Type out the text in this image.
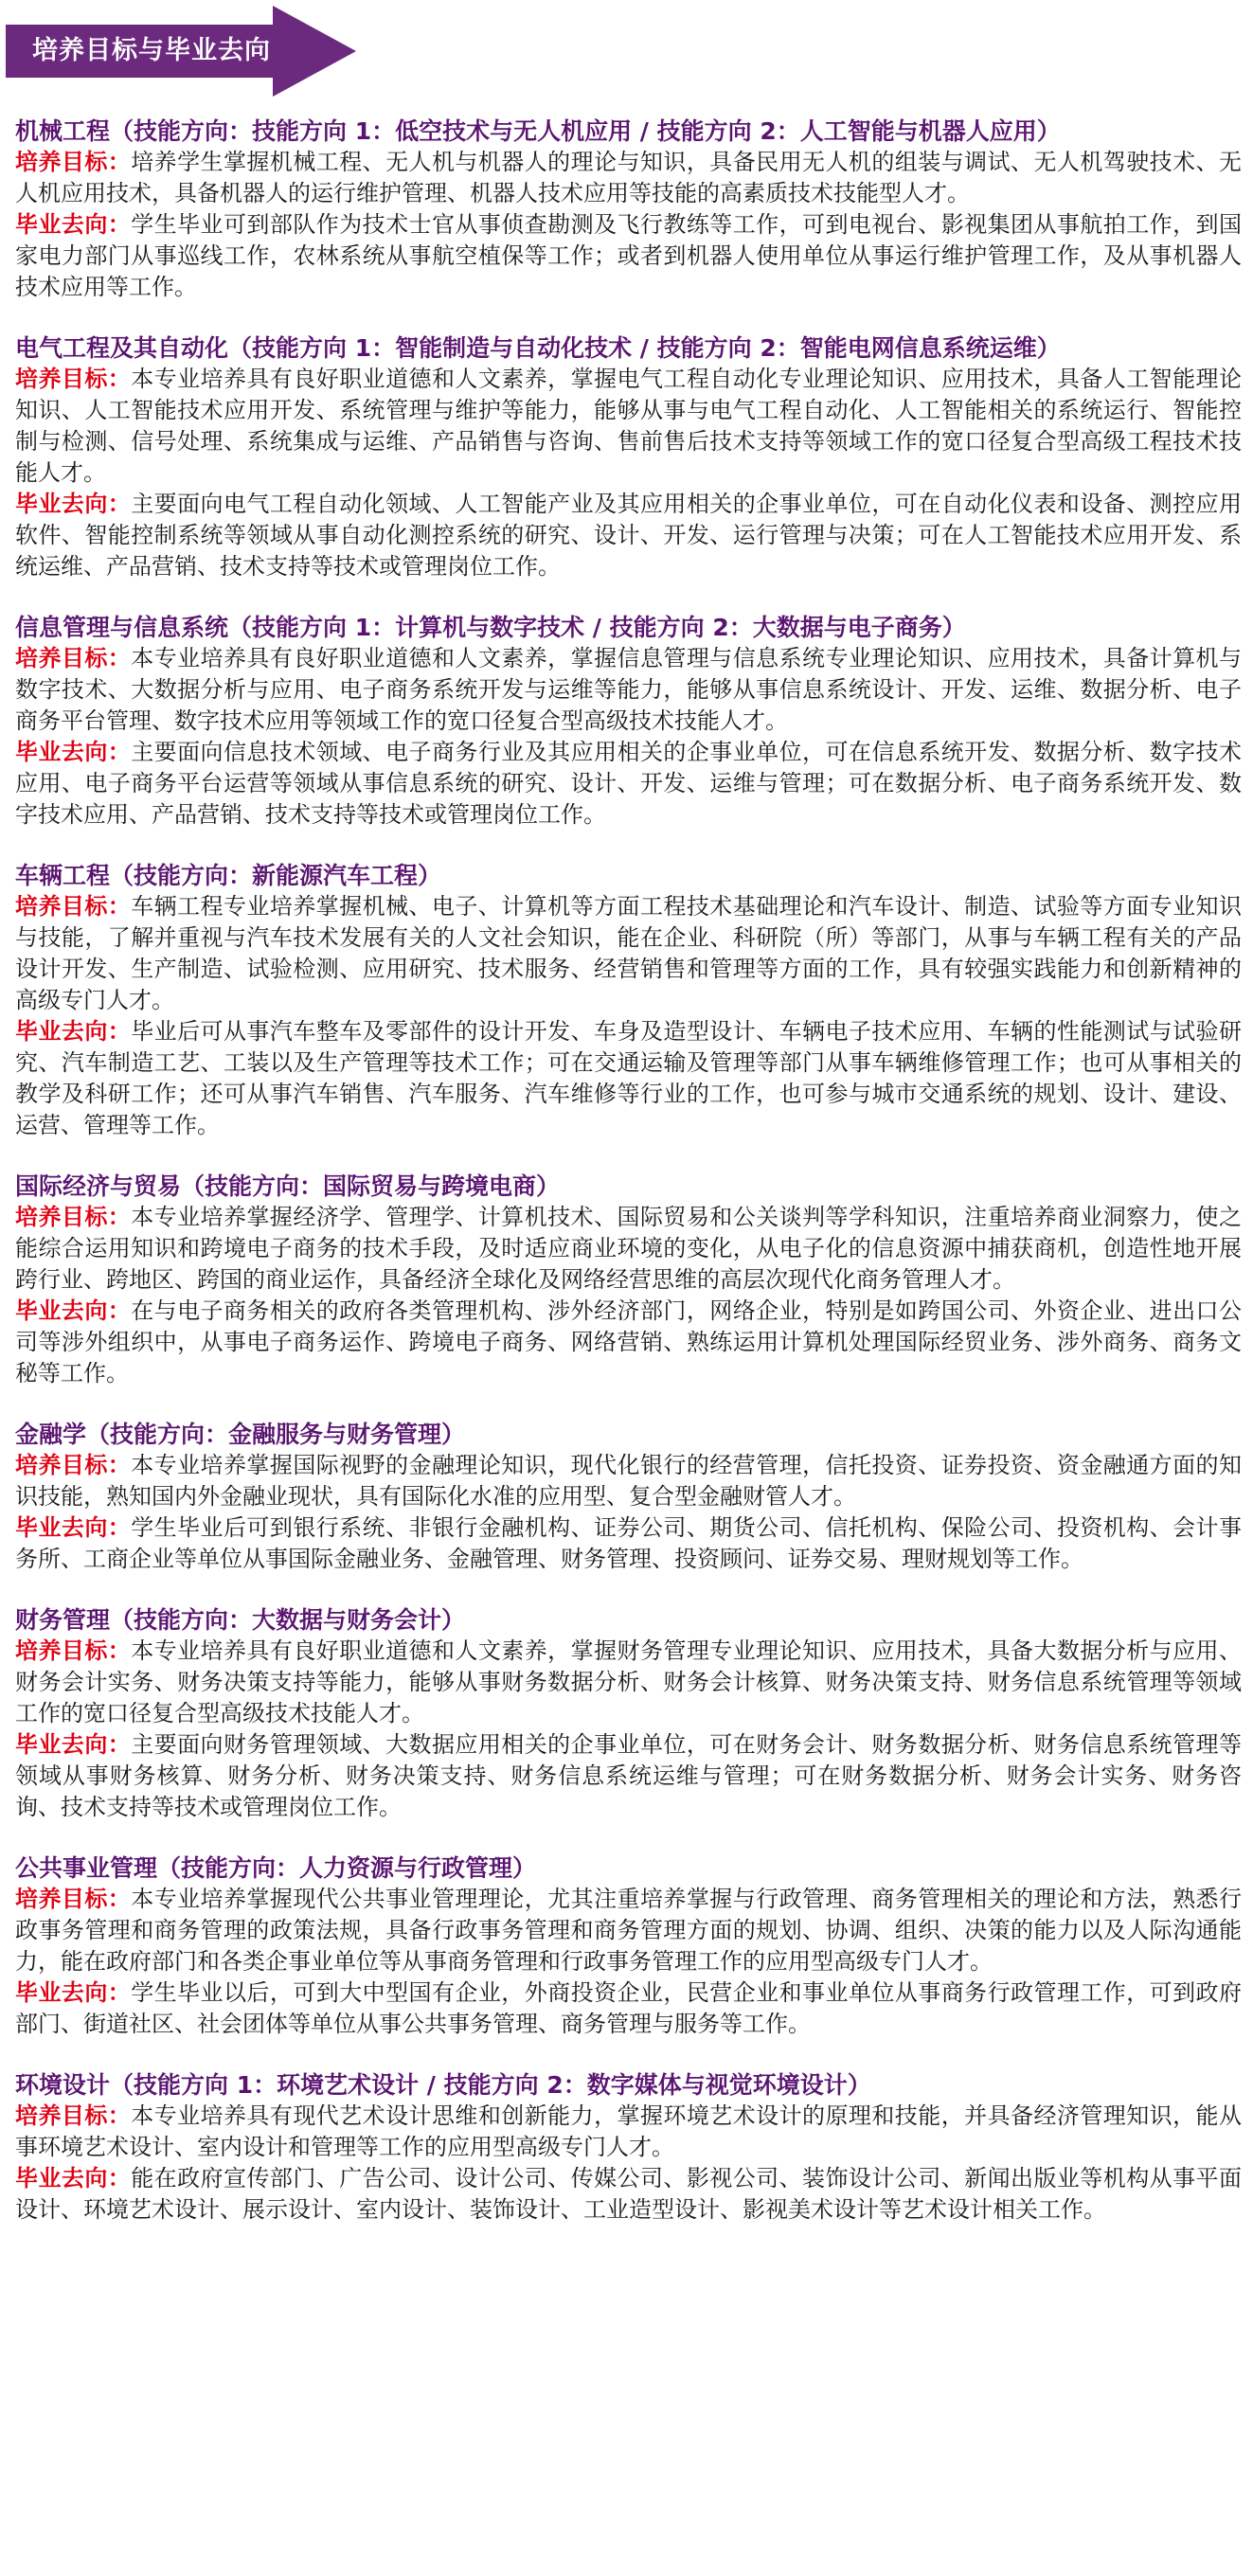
培养目标与毕业去向
机械工程（技能方向：技能方向 1：低空技术与无人机应用 / 技能方向 2：人工智能与机器人应用）
培养目标：培养学生掌握机械工程、无人机与机器人的理论与知识，具备民用无人机的组装与调试、无人机驾驶技术、无人机应用技术，具备机器人的运行维护管理、机器人技术应用等技能的高素质技术技能型人才。
毕业去向：学生毕业可到部队作为技术士官从事侦查勘测及飞行教练等工作，可到电视台、影视集团从事航拍工作，到国家电力部门从事巡线工作，农林系统从事航空植保等工作；或者到机器人使用单位从事运行维护管理工作，及从事机器人技术应用等工作。
电气工程及其自动化（技能方向 1：智能制造与自动化技术 / 技能方向 2：智能电网信息系统运维）
培养目标：本专业培养具有良好职业道德和人文素养，掌握电气工程自动化专业理论知识、应用技术，具备人工智能理论知识、人工智能技术应用开发、系统管理与维护等能力，能够从事与电气工程自动化、人工智能相关的系统运行、智能控制与检测、信号处理、系统集成与运维、产品销售与咨询、售前售后技术支持等领域工作的宽口径复合型高级工程技术技能人才。
毕业去向：主要面向电气工程自动化领域、人工智能产业及其应用相关的企事业单位，可在自动化仪表和设备、测控应用软件、智能控制系统等领域从事自动化测控系统的研究、设计、开发、运行管理与决策；可在人工智能技术应用开发、系统运维、产品营销、技术支持等技术或管理岗位工作。
信息管理与信息系统（技能方向 1：计算机与数字技术 / 技能方向 2：大数据与电子商务）
培养目标：本专业培养具有良好职业道德和人文素养，掌握信息管理与信息系统专业理论知识、应用技术，具备计算机与数字技术、大数据分析与应用、电子商务系统开发与运维等能力，能够从事信息系统设计、开发、运维、数据分析、电子商务平台管理、数字技术应用等领域工作的宽口径复合型高级技术技能人才。
毕业去向：主要面向信息技术领域、电子商务行业及其应用相关的企事业单位，可在信息系统开发、数据分析、数字技术应用、电子商务平台运营等领域从事信息系统的研究、设计、开发、运维与管理；可在数据分析、电子商务系统开发、数字技术应用、产品营销、技术支持等技术或管理岗位工作。
车辆工程（技能方向：新能源汽车工程）
培养目标：车辆工程专业培养掌握机械、电子、计算机等方面工程技术基础理论和汽车设计、制造、试验等方面专业知识与技能，了解并重视与汽车技术发展有关的人文社会知识，能在企业、科研院（所）等部门，从事与车辆工程有关的产品设计开发、生产制造、试验检测、应用研究、技术服务、经营销售和管理等方面的工作，具有较强实践能力和创新精神的高级专门人才。
毕业去向：毕业后可从事汽车整车及零部件的设计开发、车身及造型设计、车辆电子技术应用、车辆的性能测试与试验研究、汽车制造工艺、工装以及生产管理等技术工作；可在交通运输及管理等部门从事车辆维修管理工作；也可从事相关的教学及科研工作；还可从事汽车销售、汽车服务、汽车维修等行业的工作，也可参与城市交通系统的规划、设计、建设、运营、管理等工作。
国际经济与贸易（技能方向：国际贸易与跨境电商）
培养目标：本专业培养掌握经济学、管理学、计算机技术、国际贸易和公关谈判等学科知识，注重培养商业洞察力，使之能综合运用知识和跨境电子商务的技术手段，及时适应商业环境的变化，从电子化的信息资源中捕获商机，创造性地开展跨行业、跨地区、跨国的商业运作，具备经济全球化及网络经营思维的高层次现代化商务管理人才。
毕业去向：在与电子商务相关的政府各类管理机构、涉外经济部门，网络企业，特别是如跨国公司、外资企业、进出口公司等涉外组织中，从事电子商务运作、跨境电子商务、网络营销、熟练运用计算机处理国际经贸业务、涉外商务、商务文秘等工作。
金融学（技能方向：金融服务与财务管理）
培养目标：本专业培养掌握国际视野的金融理论知识，现代化银行的经营管理，信托投资、证券投资、资金融通方面的知识技能，熟知国内外金融业现状，具有国际化水准的应用型、复合型金融财管人才。
毕业去向：学生毕业后可到银行系统、非银行金融机构、证券公司、期货公司、信托机构、保险公司、投资机构、会计事务所、工商企业等单位从事国际金融业务、金融管理、财务管理、投资顾问、证券交易、理财规划等工作。
财务管理（技能方向：大数据与财务会计）
培养目标：本专业培养具有良好职业道德和人文素养，掌握财务管理专业理论知识、应用技术，具备大数据分析与应用、财务会计实务、财务决策支持等能力，能够从事财务数据分析、财务会计核算、财务决策支持、财务信息系统管理等领域工作的宽口径复合型高级技术技能人才。
毕业去向：主要面向财务管理领域、大数据应用相关的企事业单位，可在财务会计、财务数据分析、财务信息系统管理等领域从事财务核算、财务分析、财务决策支持、财务信息系统运维与管理；可在财务数据分析、财务会计实务、财务咨询、技术支持等技术或管理岗位工作。
公共事业管理（技能方向：人力资源与行政管理）
培养目标：本专业培养掌握现代公共事业管理理论，尤其注重培养掌握与行政管理、商务管理相关的理论和方法，熟悉行政事务管理和商务管理的政策法规，具备行政事务管理和商务管理方面的规划、协调、组织、决策的能力以及人际沟通能力，能在政府部门和各类企事业单位等从事商务管理和行政事务管理工作的应用型高级专门人才。
毕业去向：学生毕业以后，可到大中型国有企业，外商投资企业，民营企业和事业单位从事商务行政管理工作，可到政府部门、街道社区、社会团体等单位从事公共事务管理、商务管理与服务等工作。
环境设计（技能方向 1：环境艺术设计 / 技能方向 2：数字媒体与视觉环境设计）
培养目标：本专业培养具有现代艺术设计思维和创新能力，掌握环境艺术设计的原理和技能，并具备经济管理知识，能从事环境艺术设计、室内设计和管理等工作的应用型高级专门人才。
毕业去向：能在政府宣传部门、广告公司、设计公司、传媒公司、影视公司、装饰设计公司、新闻出版业等机构从事平面设计、环境艺术设计、展示设计、室内设计、装饰设计、工业造型设计、影视美术设计等艺术设计相关工作。
